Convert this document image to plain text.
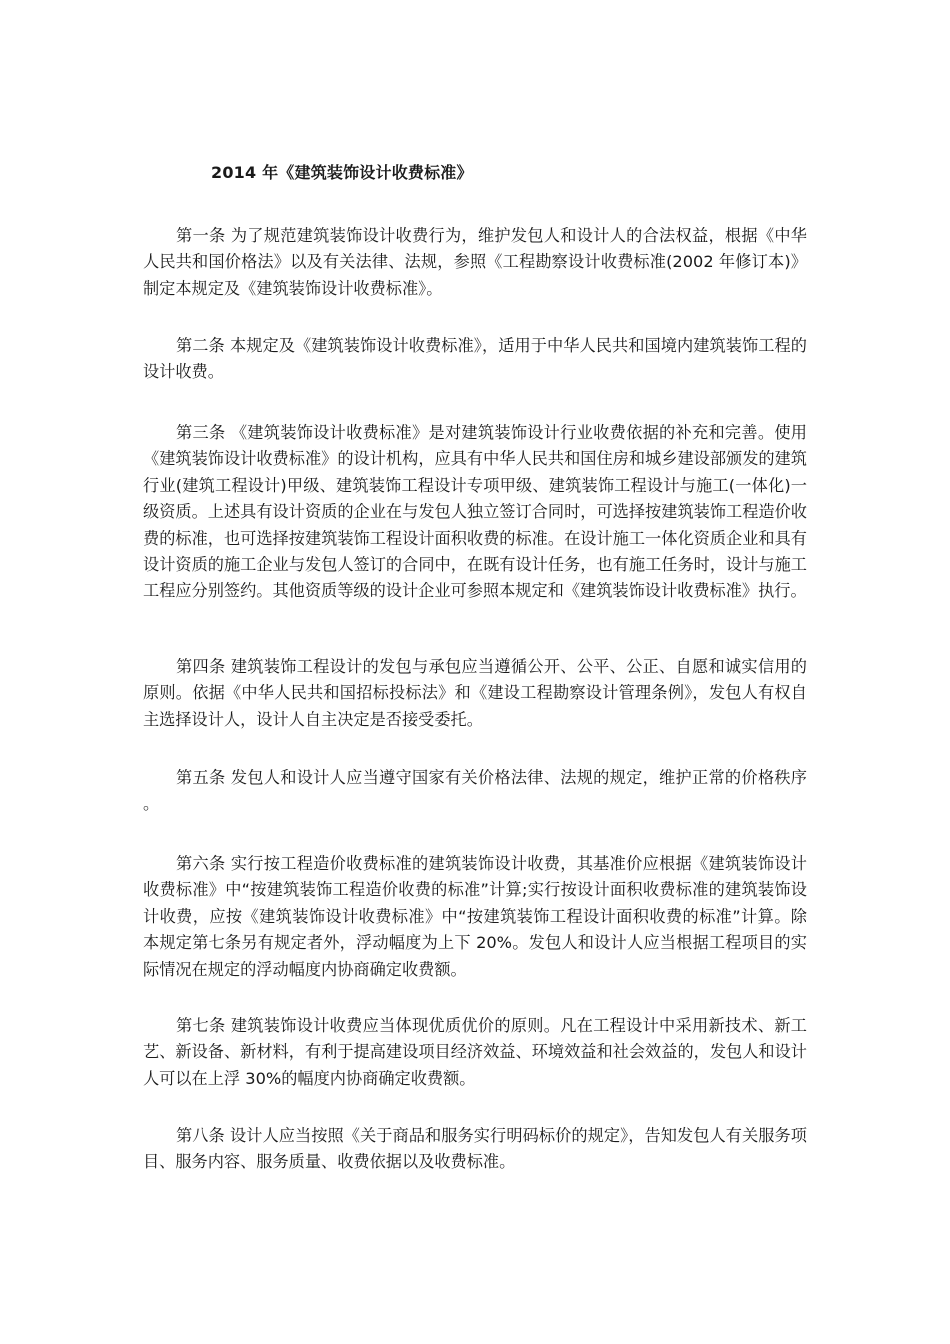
2014 年《建筑装饰设计收费标准》

第一条 为了规范建筑装饰设计收费行为，维护发包人和设计人的合法权益，根据《中华人民共和国价格法》以及有关法律、法规，参照《工程勘察设计收费标准(2002 年修订本)》制定本规定及《建筑装饰设计收费标准》。

第二条 本规定及《建筑装饰设计收费标准》，适用于中华人民共和国境内建筑装饰工程的设计收费。

第三条 《建筑装饰设计收费标准》是对建筑装饰设计行业收费依据的补充和完善。使用《建筑装饰设计收费标准》的设计机构，应具有中华人民共和国住房和城乡建设部颁发的建筑行业(建筑工程设计)甲级、建筑装饰工程设计专项甲级、建筑装饰工程设计与施工(一体化)一级资质。上述具有设计资质的企业在与发包人独立签订合同时，可选择按建筑装饰工程造价收费的标准，也可选择按建筑装饰工程设计面积收费的标准。在设计施工一体化资质企业和具有设计资质的施工企业与发包人签订的合同中，在既有设计任务，也有施工任务时，设计与施工工程应分别签约。其他资质等级的设计企业可参照本规定和《建筑装饰设计收费标准》执行。

第四条 建筑装饰工程设计的发包与承包应当遵循公开、公平、公正、自愿和诚实信用的原则。依据《中华人民共和国招标投标法》和《建设工程勘察设计管理条例》，发包人有权自主选择设计人，设计人自主决定是否接受委托。

第五条 发包人和设计人应当遵守国家有关价格法律、法规的规定，维护正常的价格秩序。

第六条 实行按工程造价收费标准的建筑装饰设计收费，其基准价应根据《建筑装饰设计收费标准》中“按建筑装饰工程造价收费的标准”计算;实行按设计面积收费标准的建筑装饰设计收费，应按《建筑装饰设计收费标准》中“按建筑装饰工程设计面积收费的标准”计算。除本规定第七条另有规定者外，浮动幅度为上下 20%。发包人和设计人应当根据工程项目的实际情况在规定的浮动幅度内协商确定收费额。

第七条 建筑装饰设计收费应当体现优质优价的原则。凡在工程设计中采用新技术、新工艺、新设备、新材料，有利于提高建设项目经济效益、环境效益和社会效益的，发包人和设计人可以在上浮 30%的幅度内协商确定收费额。

第八条 设计人应当按照《关于商品和服务实行明码标价的规定》，告知发包人有关服务项目、服务内容、服务质量、收费依据以及收费标准。
